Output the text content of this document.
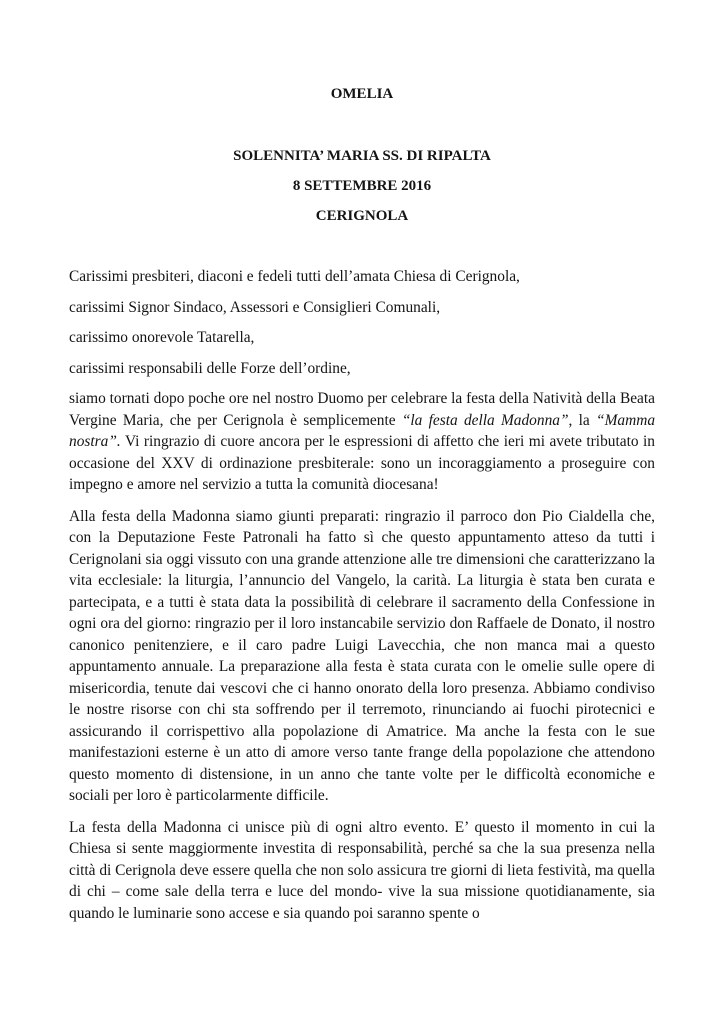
OMELIA
SOLENNITA’ MARIA SS. DI RIPALTA
8 SETTEMBRE 2016
CERIGNOLA

Carissimi presbiteri, diaconi e fedeli tutti dell’amata Chiesa di Cerignola,

carissimi Signor Sindaco, Assessori e Consiglieri Comunali,

carissimo onorevole Tatarella,

carissimi responsabili delle Forze dell’ordine,

siamo tornati dopo poche ore nel nostro Duomo per celebrare la festa della Natività della Beata Vergine Maria, che per Cerignola è semplicemente “la festa della Madonna”, la “Mamma nostra”. Vi ringrazio di cuore ancora per le espressioni di affetto che ieri mi avete tributato in occasione del XXV di ordinazione presbiterale: sono un incoraggiamento a proseguire con impegno e amore nel servizio a tutta la comunità diocesana!

Alla festa della Madonna siamo giunti preparati: ringrazio il parroco don Pio Cialdella che, con la Deputazione Feste Patronali ha fatto sì che questo appuntamento atteso da tutti i Cerignolani sia oggi vissuto con una grande attenzione alle tre dimensioni che caratterizzano la vita ecclesiale: la liturgia, l’annuncio del Vangelo, la carità. La liturgia è stata ben curata e partecipata, e a tutti è stata data la possibilità di celebrare il sacramento della Confessione in ogni ora del giorno: ringrazio per il loro instancabile servizio don Raffaele de Donato, il nostro canonico penitenziere, e il caro padre Luigi Lavecchia, che non manca mai a questo appuntamento annuale. La preparazione alla festa è stata curata con le omelie sulle opere di misericordia, tenute dai vescovi che ci hanno onorato della loro presenza. Abbiamo condiviso le nostre risorse con chi sta soffrendo per il terremoto, rinunciando ai fuochi pirotecnici e assicurando il corrispettivo alla popolazione di Amatrice. Ma anche la festa con le sue manifestazioni esterne è un atto di amore verso tante frange della popolazione che attendono questo momento di distensione, in un anno che tante volte per le difficoltà economiche e sociali per loro è particolarmente difficile.

La festa della Madonna ci unisce più di ogni altro evento. E’ questo il momento in cui la Chiesa si sente maggiormente investita di responsabilità, perché sa che la sua presenza nella città di Cerignola deve essere quella che non solo assicura tre giorni di lieta festività, ma quella di chi – come sale della terra e luce del mondo- vive la sua missione quotidianamente, sia quando le luminarie sono accese e sia quando poi saranno spente o
